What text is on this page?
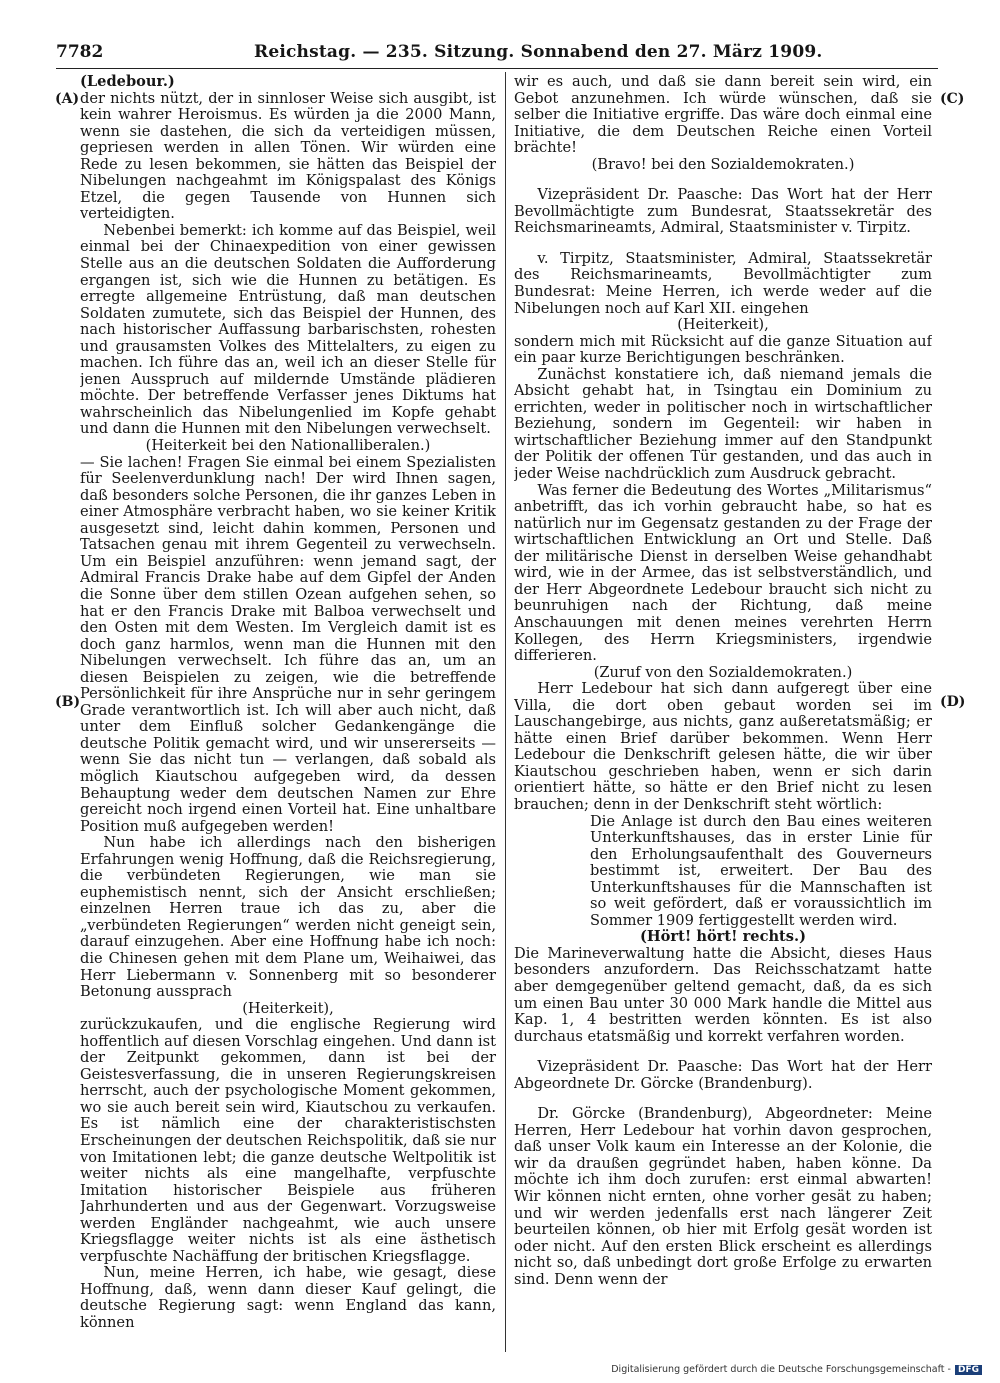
7782	Reichstag. — 235. Sitzung. Sonnabend den 27. März 1909.
(A)
(B)
(C)
(D)

(Ledebour.)

der nichts nützt, der in sinnloser Weise sich ausgibt, ist kein wahrer Heroismus. Es würden ja die 2000 Mann, wenn sie dastehen, die sich da verteidigen müssen, gepriesen werden in allen Tönen. Wir würden eine Rede zu lesen bekommen, sie hätten das Beispiel der Nibelungen nachgeahmt im Königspalast des Königs Etzel, die gegen Tausende von Hunnen sich verteidigten.

Nebenbei bemerkt: ich komme auf das Beispiel, weil einmal bei der Chinaexpedition von einer gewissen Stelle aus an die deutschen Soldaten die Aufforderung ergangen ist, sich wie die Hunnen zu betätigen. Es erregte allgemeine Entrüstung, daß man deutschen Soldaten zumutete, sich das Beispiel der Hunnen, des nach historischer Auffassung barbarischsten, rohesten und grausamsten Volkes des Mittelalters, zu eigen zu machen. Ich führe das an, weil ich an dieser Stelle für jenen Ausspruch auf mildernde Umstände plädieren möchte. Der betreffende Verfasser jenes Diktums hat wahrscheinlich das Nibelungenlied im Kopfe gehabt und dann die Hunnen mit den Nibelungen verwechselt.

(Heiterkeit bei den Nationalliberalen.)

— Sie lachen! Fragen Sie einmal bei einem Spezialisten für Seelenverdunklung nach! Der wird Ihnen sagen, daß besonders solche Personen, die ihr ganzes Leben in einer Atmosphäre verbracht haben, wo sie keiner Kritik ausgesetzt sind, leicht dahin kommen, Personen und Tatsachen genau mit ihrem Gegenteil zu verwechseln. Um ein Beispiel anzuführen: wenn jemand sagt, der Admiral Francis Drake habe auf dem Gipfel der Anden die Sonne über dem stillen Ozean aufgehen sehen, so hat er den Francis Drake mit Balboa verwechselt und den Osten mit dem Westen. Im Vergleich damit ist es doch ganz harmlos, wenn man die Hunnen mit den Nibelungen verwechselt. Ich führe das an, um an diesen Beispielen zu zeigen, wie die betreffende Persönlichkeit für ihre Ansprüche nur in sehr geringem Grade verantwortlich ist. Ich will aber auch nicht, daß unter dem Einfluß solcher Gedankengänge die deutsche Politik gemacht wird, und wir unsererseits — wenn Sie das nicht tun — verlangen, daß sobald als möglich Kiautschou aufgegeben wird, da dessen Behauptung weder dem deutschen Namen zur Ehre gereicht noch irgend einen Vorteil hat. Eine unhaltbare Position muß aufgegeben werden!

Nun habe ich allerdings nach den bisherigen Erfahrungen wenig Hoffnung, daß die Reichsregierung, die verbündeten Regierungen, wie man sie euphemistisch nennt, sich der Ansicht erschließen; einzelnen Herren traue ich das zu, aber die „verbündeten Regierungen“ werden nicht geneigt sein, darauf einzugehen. Aber eine Hoffnung habe ich noch: die Chinesen gehen mit dem Plane um, Weihaiwei, das Herr Liebermann v. Sonnenberg mit so besonderer Betonung aussprach

(Heiterkeit),

zurückzukaufen, und die englische Regierung wird hoffentlich auf diesen Vorschlag eingehen. Und dann ist der Zeitpunkt gekommen, dann ist bei der Geistesverfassung, die in unseren Regierungskreisen herrscht, auch der psychologische Moment gekommen, wo sie auch bereit sein wird, Kiautschou zu verkaufen. Es ist nämlich eine der charakteristischsten Erscheinungen der deutschen Reichspolitik, daß sie nur von Imitationen lebt; die ganze deutsche Weltpolitik ist weiter nichts als eine mangelhafte, verpfuschte Imitation historischer Beispiele aus früheren Jahrhunderten und aus der Gegenwart. Vorzugsweise werden Engländer nachgeahmt, wie auch unsere Kriegsflagge weiter nichts ist als eine ästhetisch verpfuschte Nachäffung der britischen Kriegsflagge.

Nun, meine Herren, ich habe, wie gesagt, diese Hoffnung, daß, wenn dann dieser Kauf gelingt, die deutsche Regierung sagt: wenn England das kann, können

wir es auch, und daß sie dann bereit sein wird, ein Gebot anzunehmen. Ich würde wünschen, daß sie selber die Initiative ergriffe. Das wäre doch einmal eine Initiative, die dem Deutschen Reiche einen Vorteil brächte!

(Bravo! bei den Sozialdemokraten.)

Vizepräsident Dr. Paasche: Das Wort hat der Herr Bevollmächtigte zum Bundesrat, Staatssekretär des Reichsmarineamts, Admiral, Staatsminister v. Tirpitz.

v. Tirpitz, Staatsminister, Admiral, Staatssekretär des Reichsmarineamts, Bevollmächtigter zum Bundesrat: Meine Herren, ich werde weder auf die Nibelungen noch auf Karl XII. eingehen

(Heiterkeit),

sondern mich mit Rücksicht auf die ganze Situation auf ein paar kurze Berichtigungen beschränken.

Zunächst konstatiere ich, daß niemand jemals die Absicht gehabt hat, in Tsingtau ein Dominium zu errichten, weder in politischer noch in wirtschaftlicher Beziehung, sondern im Gegenteil: wir haben in wirtschaftlicher Beziehung immer auf den Standpunkt der Politik der offenen Tür gestanden, und das auch in jeder Weise nachdrücklich zum Ausdruck gebracht.

Was ferner die Bedeutung des Wortes „Militarismus“ anbetrifft, das ich vorhin gebraucht habe, so hat es natürlich nur im Gegensatz gestanden zu der Frage der wirtschaftlichen Entwicklung an Ort und Stelle. Daß der militärische Dienst in derselben Weise gehandhabt wird, wie in der Armee, das ist selbstverständlich, und der Herr Abgeordnete Ledebour braucht sich nicht zu beunruhigen nach der Richtung, daß meine Anschauungen mit denen meines verehrten Herrn Kollegen, des Herrn Kriegsministers, irgendwie differieren.

(Zuruf von den Sozialdemokraten.)

Herr Ledebour hat sich dann aufgeregt über eine Villa, die dort oben gebaut worden sei im Lauschangebirge, aus nichts, ganz außeretatsmäßig; er hätte einen Brief darüber bekommen. Wenn Herr Ledebour die Denkschrift gelesen hätte, die wir über Kiautschou geschrieben haben, wenn er sich darin orientiert hätte, so hätte er den Brief nicht zu lesen brauchen; denn in der Denkschrift steht wörtlich:

Die Anlage ist durch den Bau eines weiteren Unterkunftshauses, das in erster Linie für den Erholungsaufenthalt des Gouverneurs bestimmt ist, erweitert. Der Bau des Unterkunftshauses für die Mannschaften ist so weit gefördert, daß er voraussichtlich im Sommer 1909 fertiggestellt werden wird.

(Hört! hört! rechts.)

Die Marineverwaltung hatte die Absicht, dieses Haus besonders anzufordern. Das Reichsschatzamt hatte aber demgegenüber geltend gemacht, daß, da es sich um einen Bau unter 30 000 Mark handle die Mittel aus Kap. 1, 4 bestritten werden könnten. Es ist also durchaus etatsmäßig und korrekt verfahren worden.

Vizepräsident Dr. Paasche: Das Wort hat der Herr Abgeordnete Dr. Görcke (Brandenburg).

Dr. Görcke (Brandenburg), Abgeordneter: Meine Herren, Herr Ledebour hat vorhin davon gesprochen, daß unser Volk kaum ein Interesse an der Kolonie, die wir da draußen gegründet haben, haben könne. Da möchte ich ihm doch zurufen: erst einmal abwarten! Wir können nicht ernten, ohne vorher gesät zu haben; und wir werden jedenfalls erst nach längerer Zeit beurteilen können, ob hier mit Erfolg gesät worden ist oder nicht. Auf den ersten Blick erscheint es allerdings nicht so, daß unbedingt dort große Erfolge zu erwarten sind. Denn wenn der

Digitalisierung gefördert durch die Deutsche Forschungsgemeinschaft - DFG
